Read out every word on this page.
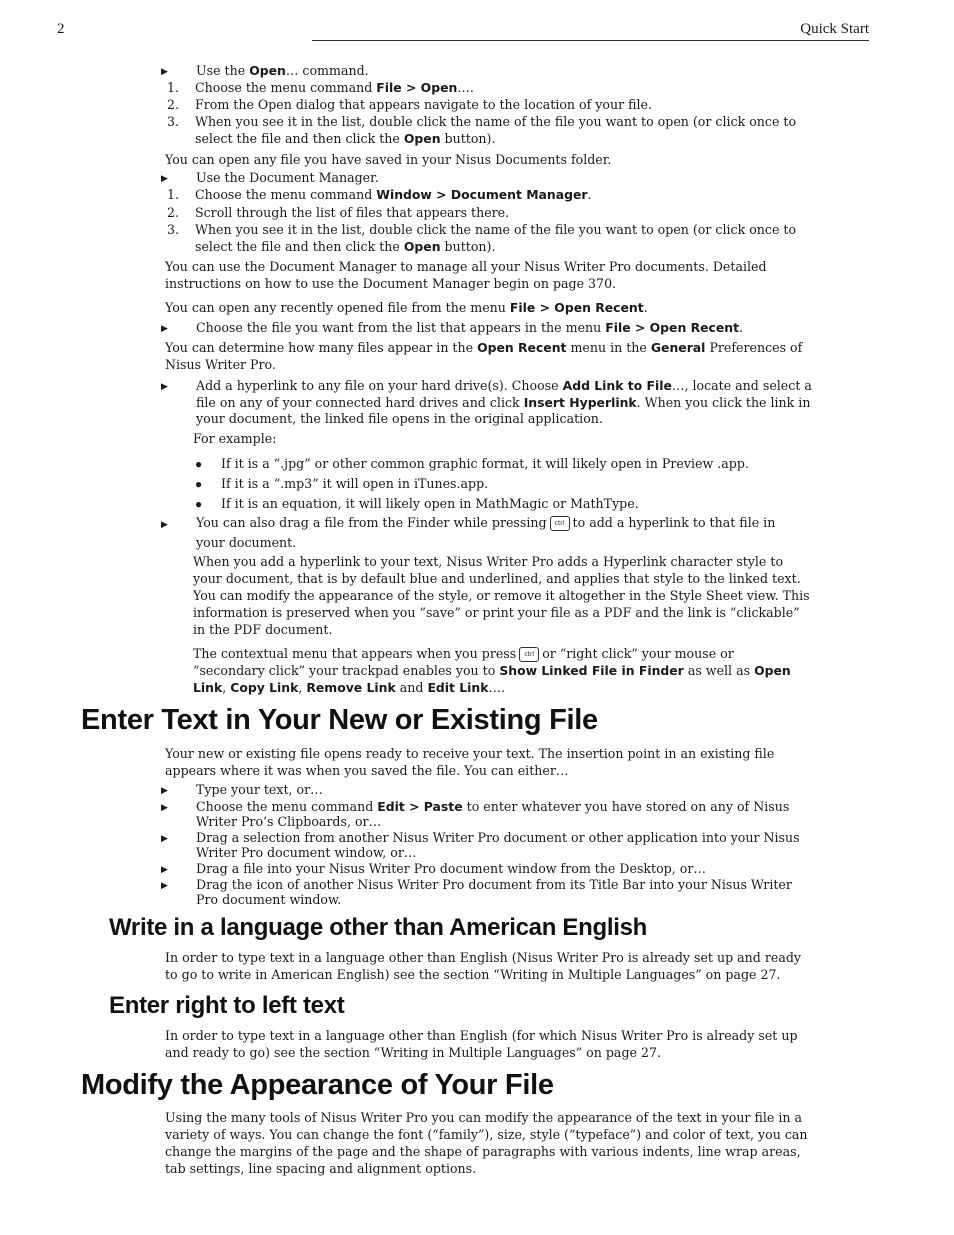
2	Quick Start
▶ Use the Open… command.
1. Choose the menu command File > Open….
2. From the Open dialog that appears navigate to the location of your file.
3. When you see it in the list, double click the name of the file you want to open (or click once to
select the file and then click the Open button).
You can open any file you have saved in your Nisus Documents folder.
▶ Use the Document Manager.
1. Choose the menu command Window > Document Manager.
2. Scroll through the list of files that appears there.
3. When you see it in the list, double click the name of the file you want to open (or click once to
select the file and then click the Open button).
You can use the Document Manager to manage all your Nisus Writer Pro documents. Detailed
instructions on how to use the Document Manager begin on page 370.
You can open any recently opened file from the menu File > Open Recent.
▶ Choose the file you want from the list that appears in the menu File > Open Recent.
You can determine how many files appear in the Open Recent menu in the General Preferences of
Nisus Writer Pro.
▶ Add a hyperlink to any file on your hard drive(s). Choose Add Link to File…, locate and select a
file on any of your connected hard drives and click Insert Hyperlink. When you click the link in
your document, the linked file opens in the original application.
For example:
● If it is a “.jpg” or other common graphic format, it will likely open in Preview .app.
● If it is a “.mp3” it will open in iTunes.app.
● If it is an equation, it will likely open in MathMagic or MathType.
▶ You can also drag a file from the Finder while pressing ctrl to add a hyperlink to that file in
your document.
When you add a hyperlink to your text, Nisus Writer Pro adds a Hyperlink character style to
your document, that is by default blue and underlined, and applies that style to the linked text.
You can modify the appearance of the style, or remove it altogether in the Style Sheet view. This
information is preserved when you “save” or print your file as a PDF and the link is “clickable”
in the PDF document.
The contextual menu that appears when you press ctrl or “right click” your mouse or
“secondary click” your trackpad enables you to Show Linked File in Finder as well as Open
Link, Copy Link, Remove Link and Edit Link….
Enter Text in Your New or Existing File
Your new or existing file opens ready to receive your text. The insertion point in an existing file
appears where it was when you saved the file. You can either…
▶ Type your text, or…
▶ Choose the menu command Edit > Paste to enter whatever you have stored on any of Nisus
Writer Pro’s Clipboards, or…
▶ Drag a selection from another Nisus Writer Pro document or other application into your Nisus
Writer Pro document window, or…
▶ Drag a file into your Nisus Writer Pro document window from the Desktop, or…
▶ Drag the icon of another Nisus Writer Pro document from its Title Bar into your Nisus Writer
Pro document window.
Write in a language other than American English
In order to type text in a language other than English (Nisus Writer Pro is already set up and ready
to go to write in American English) see the section “Writing in Multiple Languages” on page 27.
Enter right to left text
In order to type text in a language other than English (for which Nisus Writer Pro is already set up
and ready to go) see the section “Writing in Multiple Languages” on page 27.
Modify the Appearance of Your File
Using the many tools of Nisus Writer Pro you can modify the appearance of the text in your file in a
variety of ways. You can change the font (“family”), size, style (“typeface”) and color of text, you can
change the margins of the page and the shape of paragraphs with various indents, line wrap areas,
tab settings, line spacing and alignment options.
